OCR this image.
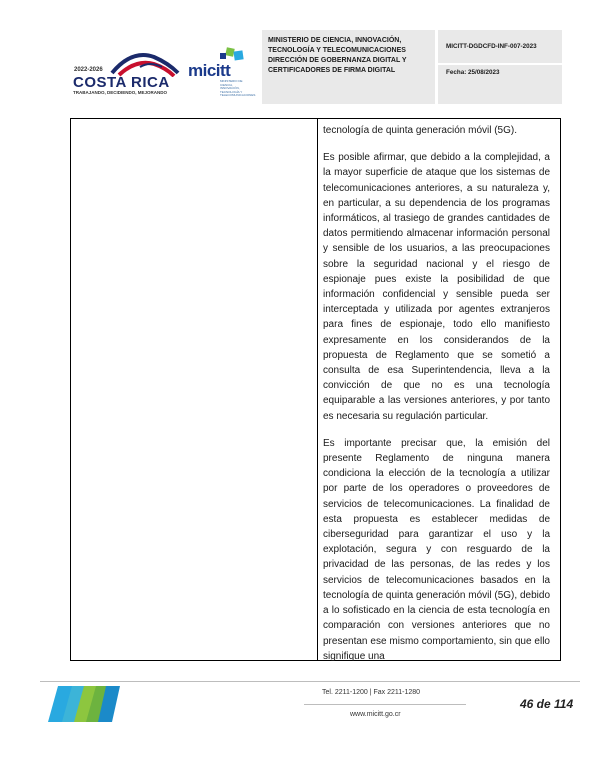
2022-2026
COSTA RICA
TRABAJANDO, DECIDIENDO, MEJORANDO
micitt
MINISTERIO DE CIENCIA, INNOVACIÓN, TECNOLOGÍA Y TELECOMUNICACIONES
MINISTERIO DE CIENCIA, INNOVACIÓN,
TECNOLOGÍA Y TELECOMUNICACIONES
DIRECCIÓN DE GOBERNANZA DIGITAL Y
CERTIFICADORES DE FIRMA DIGITAL
MICITT-DGDCFD-INF-007-2023
Fecha: 25/08/2023

tecnología de quinta generación móvil (5G).

Es posible afirmar, que debido a la complejidad, a la mayor superficie de ataque que los sistemas de telecomunicaciones anteriores, a su naturaleza y, en particular, a su dependencia de los programas informáticos, al trasiego de grandes cantidades de datos permitiendo almacenar información personal y sensible de los usuarios, a las preocupaciones sobre la seguridad nacional y el riesgo de espionaje pues existe la posibilidad de que información confidencial y sensible pueda ser interceptada y utilizada por agentes extranjeros para fines de espionaje, todo ello manifiesto expresamente en los considerandos de la propuesta de Reglamento que se sometió a consulta de esa Superintendencia, lleva a la convicción de que no es una tecnología equiparable a las versiones anteriores, y por tanto es necesaria su regulación particular.

Es importante precisar que, la emisión del presente Reglamento de ninguna manera condiciona la elección de la tecnología a utilizar por parte de los operadores o proveedores de servicios de telecomunicaciones. La finalidad de esta propuesta es establecer medidas de ciberseguridad para garantizar el uso y la explotación, segura y con resguardo de la privacidad de las personas, de las redes y los servicios de telecomunicaciones basados en la tecnología de quinta generación móvil (5G), debido a lo sofisticado en la ciencia de esta tecnología en comparación con versiones anteriores que no presentan ese mismo comportamiento, sin que ello signifique una

Tel. 2211-1200 | Fax 2211-1280
www.micitt.go.cr
46 de 114
